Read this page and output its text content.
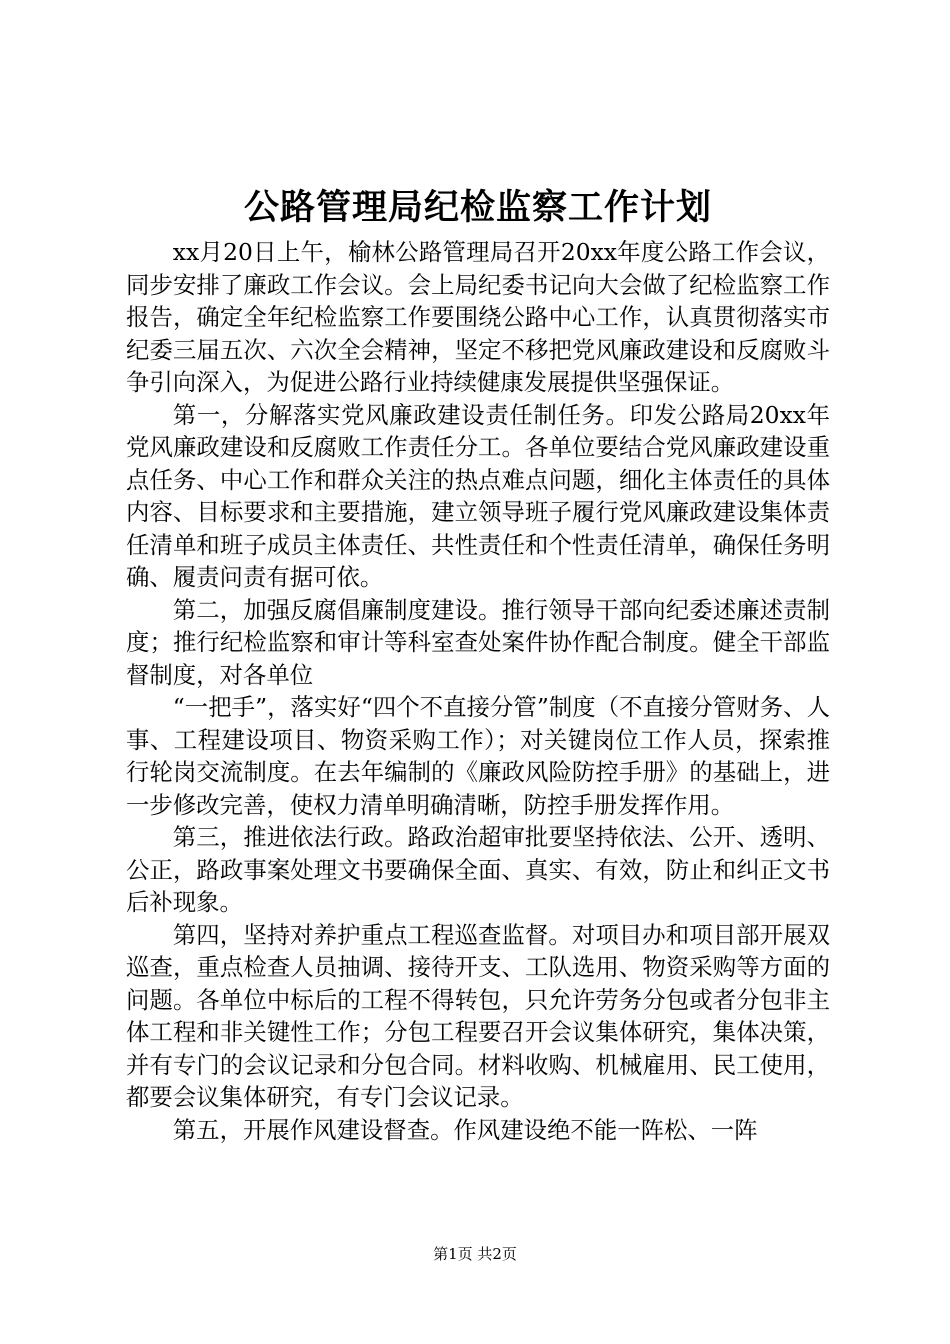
公路管理局纪检监察工作计划

xx月20日上午，榆林公路管理局召开20xx年度公路工作会议，同步安排了廉政工作会议。会上局纪委书记向大会做了纪检监察工作报告，确定全年纪检监察工作要围绕公路中心工作，认真贯彻落实市纪委三届五次、六次全会精神，坚定不移把党风廉政建设和反腐败斗争引向深入，为促进公路行业持续健康发展提供坚强保证。

第一，分解落实党风廉政建设责任制任务。印发公路局20xx年党风廉政建设和反腐败工作责任分工。各单位要结合党风廉政建设重点任务、中心工作和群众关注的热点难点问题，细化主体责任的具体内容、目标要求和主要措施，建立领导班子履行党风廉政建设集体责任清单和班子成员主体责任、共性责任和个性责任清单，确保任务明确、履责问责有据可依。

第二，加强反腐倡廉制度建设。推行领导干部向纪委述廉述责制度；推行纪检监察和审计等科室查处案件协作配合制度。健全干部监督制度，对各单位

“一把手”，落实好“四个不直接分管”制度（不直接分管财务、人事、工程建设项目、物资采购工作）；对关键岗位工作人员，探索推行轮岗交流制度。在去年编制的《廉政风险防控手册》的基础上，进一步修改完善，使权力清单明确清晰，防控手册发挥作用。

第三，推进依法行政。路政治超审批要坚持依法、公开、透明、公正，路政事案处理文书要确保全面、真实、有效，防止和纠正文书后补现象。

第四，坚持对养护重点工程巡查监督。对项目办和项目部开展双巡查，重点检查人员抽调、接待开支、工队选用、物资采购等方面的问题。各单位中标后的工程不得转包，只允许劳务分包或者分包非主体工程和非关键性工作；分包工程要召开会议集体研究，集体决策，并有专门的会议记录和分包合同。材料收购、机械雇用、民工使用，都要会议集体研究，有专门会议记录。

第五，开展作风建设督查。作风建设绝不能一阵松、一阵

第1页 共2页
